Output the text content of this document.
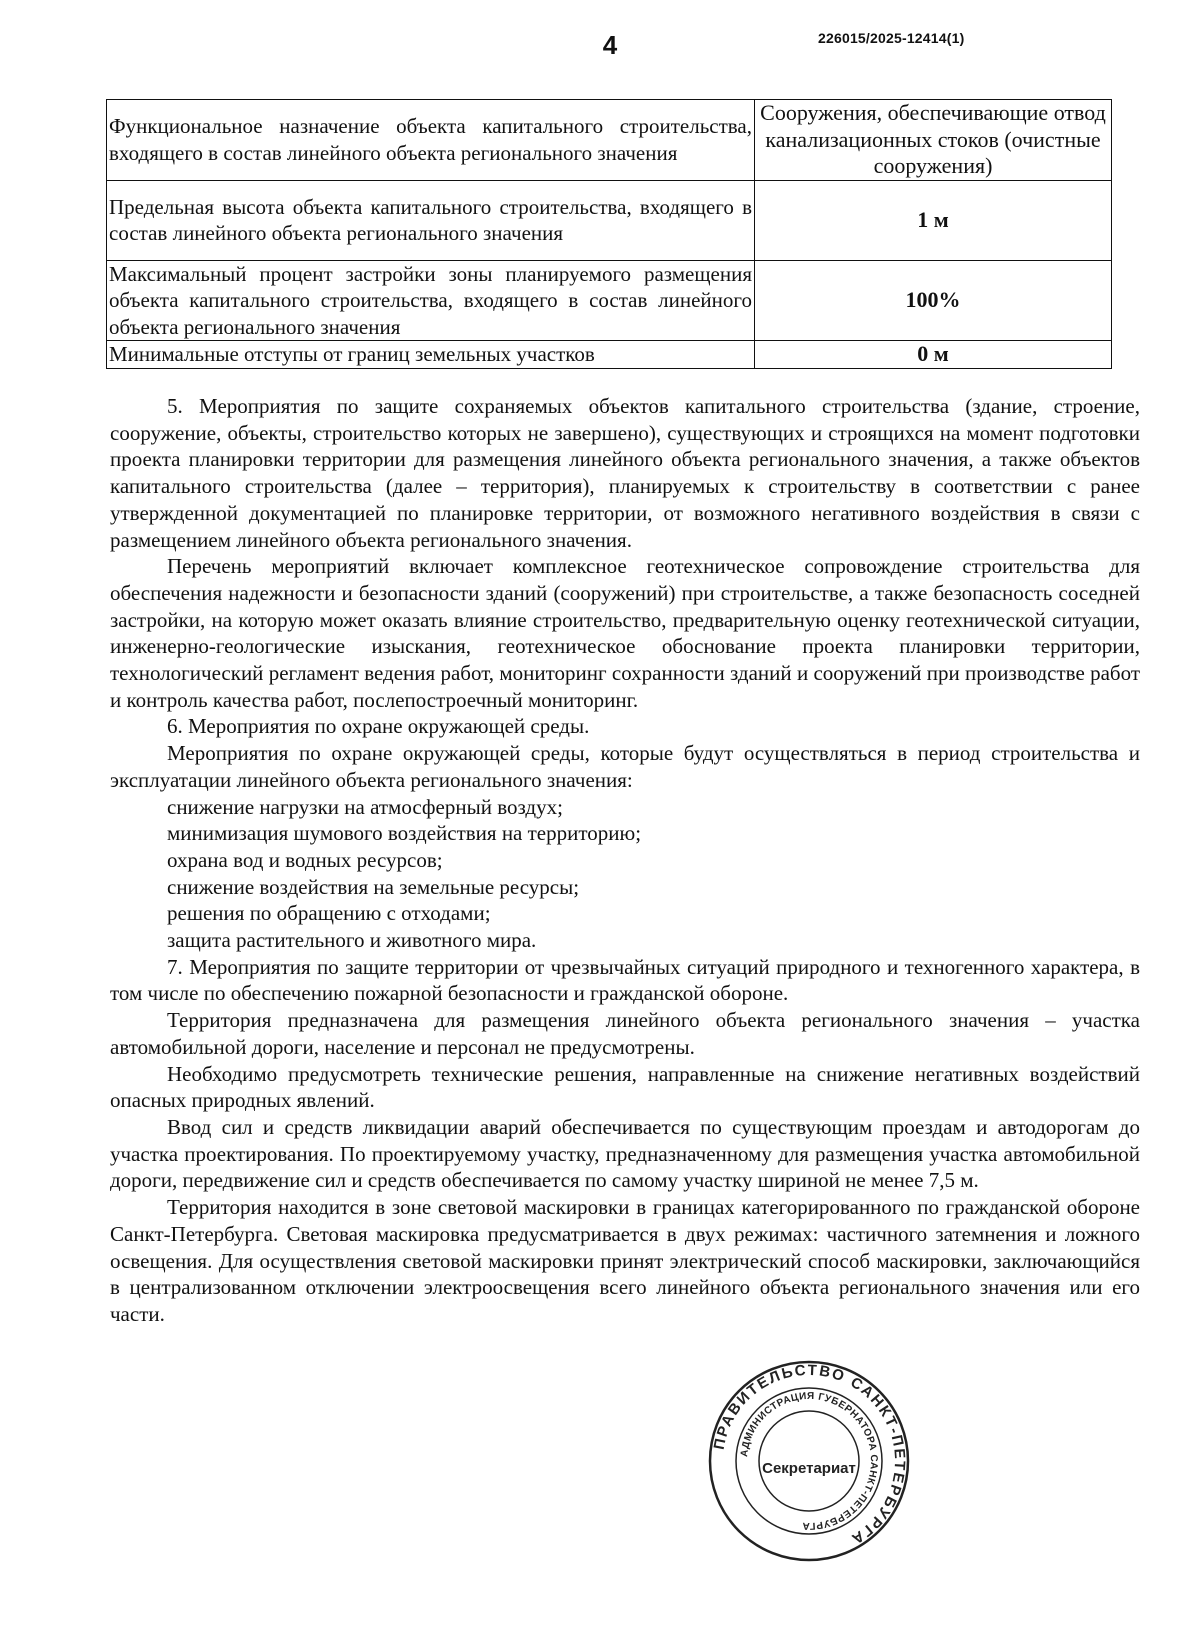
4	226015/2025-12414(1)
Функциональное назначение объекта капитального строительства, входящего в состав линейного объекта регионального значения	Сооружения, обеспечивающие отвод канализационных стоков (очистные сооружения)
Предельная высота объекта капитального строительства, входящего в состав линейного объекта регионального значения	1 м
Максимальный процент застройки зоны планируемого размещения объекта капитального строительства, входящего в состав линейного объекта регионального значения	100%
Минимальные отступы от границ земельных участков	0 м

5. Мероприятия по защите сохраняемых объектов капитального строительства (здание, строение, сооружение, объекты, строительство которых не завершено), существующих и строящихся на момент подготовки проекта планировки территории для размещения линейного объекта регионального значения, а также объектов капитального строительства (далее – территория), планируемых к строительству в соответствии с ранее утвержденной документацией по планировке территории, от возможного негативного воздействия в связи с размещением линейного объекта регионального значения.

Перечень мероприятий включает комплексное геотехническое сопровождение строительства для обеспечения надежности и безопасности зданий (сооружений) при строительстве, а также безопасность соседней застройки, на которую может оказать влияние строительство, предварительную оценку геотехнической ситуации, инженерно-геологические изыскания, геотехническое обоснование проекта планировки территории, технологический регламент ведения работ, мониторинг сохранности зданий и сооружений при производстве работ и контроль качества работ, послепостроечный мониторинг.

6. Мероприятия по охране окружающей среды.

Мероприятия по охране окружающей среды, которые будут осуществляться в период строительства и эксплуатации линейного объекта регионального значения:

снижение нагрузки на атмосферный воздух;

минимизация шумового воздействия на территорию;

охрана вод и водных ресурсов;

снижение воздействия на земельные ресурсы;

решения по обращению с отходами;

защита растительного и животного мира.

7. Мероприятия по защите территории от чрезвычайных ситуаций природного и техногенного характера, в том числе по обеспечению пожарной безопасности и гражданской обороне.

Территория предназначена для размещения линейного объекта регионального значения – участка автомобильной дороги, население и персонал не предусмотрены.

Необходимо предусмотреть технические решения, направленные на снижение негативных воздействий опасных природных явлений.

Ввод сил и средств ликвидации аварий обеспечивается по существующим проездам и автодорогам до участка проектирования. По проектируемому участку, предназначенному для размещения участка автомобильной дороги, передвижение сил и средств обеспечивается по самому участку шириной не менее 7,5 м.

Территория находится в зоне световой маскировки в границах категорированного по гражданской обороне Санкт-Петербурга. Световая маскировка предусматривается в двух режимах: частичного затемнения и ложного освещения. Для осуществления световой маскировки принят электрический способ маскировки, заключающийся в централизованном отключении электроосвещения всего линейного объекта регионального значения или его части.

ПРАВИТЕЛЬСТВО САНКТ-ПЕТЕРБУРГА
АДМИНИСТРАЦИЯ ГУБЕРНАТОРА САНКТ-ПЕТЕРБУРГА
Секретариат
